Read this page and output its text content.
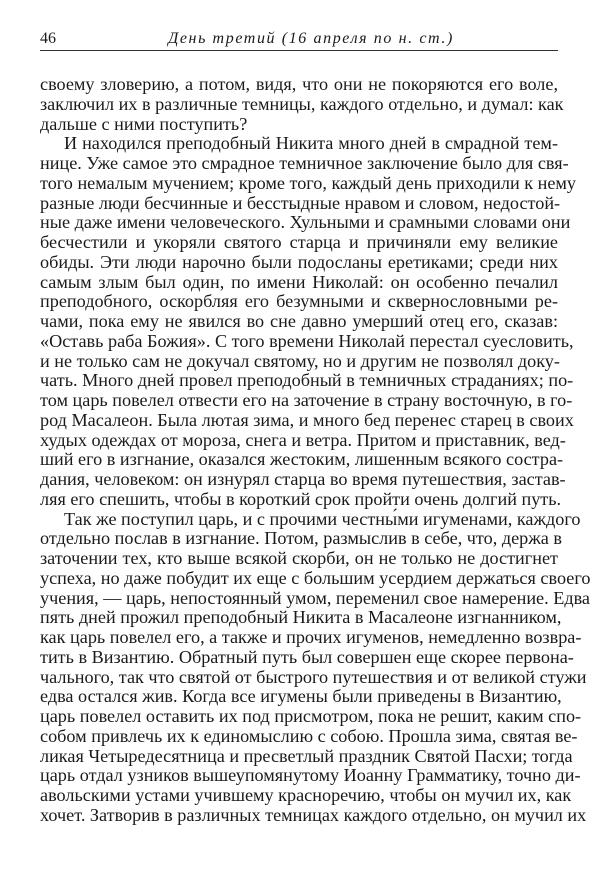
46	День третий (16 апреля по н. ст.)
своему зловерию, а потом, видя, что они не покоряются его воле,
заключил их в различные темницы, каждого отдельно, и думал: как
дальше с ними поступить?
И находился преподобный Никита много дней в смрадной тем-
нице. Уже самое это смрадное темничное заключение было для свя-
того немалым мучением; кроме того, каждый день приходили к нему
разные люди бесчинные и бесстыдные нравом и словом, недостой-
ные даже имени человеческого. Хульными и срамными словами они
бесчестили и укоряли святого старца и причиняли ему великие
обиды. Эти люди нарочно были подосланы еретиками; среди них
самым злым был один, по имени Николай: он особенно печалил
преподобного, оскорбляя его безумными и сквернословными ре-
чами, пока ему не явился во сне давно умерший отец его, сказав:
«Оставь раба Божия». С того времени Николай перестал суесловить,
и не только сам не докучал святому, но и другим не позволял доку-
чать. Много дней провел преподобный в темничных страданиях; по-
том царь повелел отвести его на заточение в страну восточную, в го-
род Масалеон. Была лютая зима, и много бед перенес старец в своих
худых одеждах от мороза, снега и ветра. Притом и приставник, вед-
ший его в изгнание, оказался жестоким, лишенным всякого состра-
дания, человеком: он изнурял старца во время путешествия, застав-
ляя его спешить, чтобы в короткий срок пройти очень долгий путь.
Так же поступил царь, и с прочими честны́ми игуменами, каждого
отдельно послав в изгнание. Потом, размыслив в себе, что, держа в
заточении тех, кто выше всякой скорби, он не только не достигнет
успеха, но даже побудит их еще с большим усердием держаться своего
учения, — царь, непостоянный умом, переменил свое намерение. Едва
пять дней прожил преподобный Никита в Масалеоне изгнанником,
как царь повелел его, а также и прочих игуменов, немедленно возвра-
тить в Византию. Обратный путь был совершен еще скорее первона-
чального, так что святой от быстрого путешествия и от великой стужи
едва остался жив. Когда все игумены были приведены в Византию,
царь повелел оставить их под присмотром, пока не решит, каким спо-
собом привлечь их к единомыслию с собою. Прошла зима, святая ве-
ликая Четыредесятница и пресветлый праздник Святой Пасхи; тогда
царь отдал узников вышеупомянутому Иоанну Грамматику, точно ди-
авольскими устами учившему красноречию, чтобы он мучил их, как
хочет. Затворив в различных темницах каждого отдельно, он мучил их
